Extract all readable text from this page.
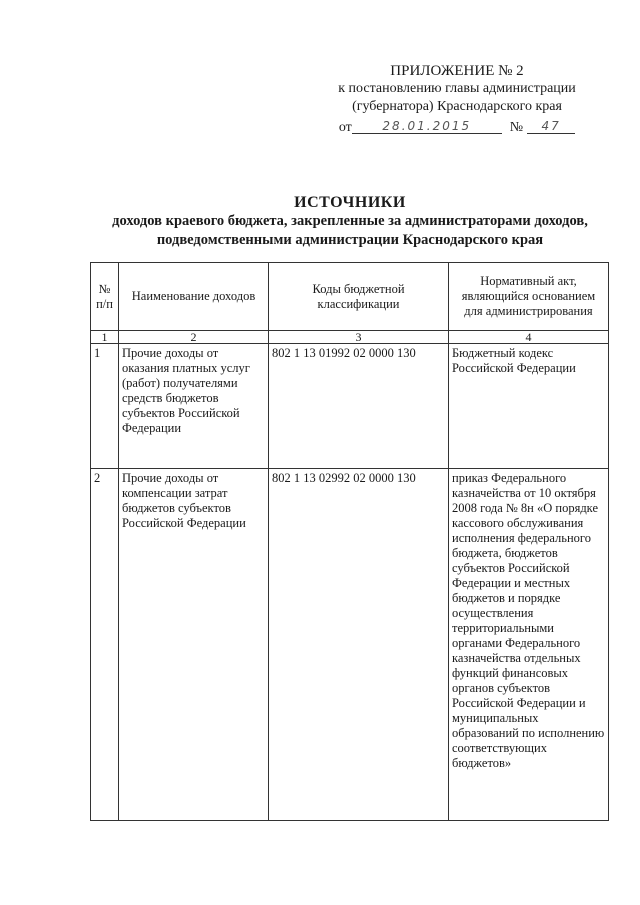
ПРИЛОЖЕНИЕ № 2
к постановлению главы администрации
(губернатора) Краснодарского края
от	28.01.2015	№	47
ИСТОЧНИКИ
доходов краевого бюджета, закрепленные за администраторами доходов,
подведомственными администрации Краснодарского края
№ п/п	Наименование доходов	Коды бюджетной классификации	Нормативный акт, являющийся основанием для администрирования
1	2	3	4
1	Прочие доходы от оказания платных услуг (работ) получателями средств бюджетов субъектов Российской Федерации	802 1 13 01992 02 0000 130	Бюджетный кодекс Российской Федерации
2	Прочие доходы от компенсации затрат бюджетов субъектов Российской Федерации	802 1 13 02992 02 0000 130	приказ Федерального казначейства от 10 октября 2008 года № 8н «О порядке кассового обслуживания исполнения федерального бюджета, бюджетов субъектов Российской Федерации и местных бюджетов и порядке осуществления территориальными органами Федерального казначейства отдельных функций финансовых органов субъектов Российской Федерации и муниципальных образований по исполнению соответствующих бюджетов»
